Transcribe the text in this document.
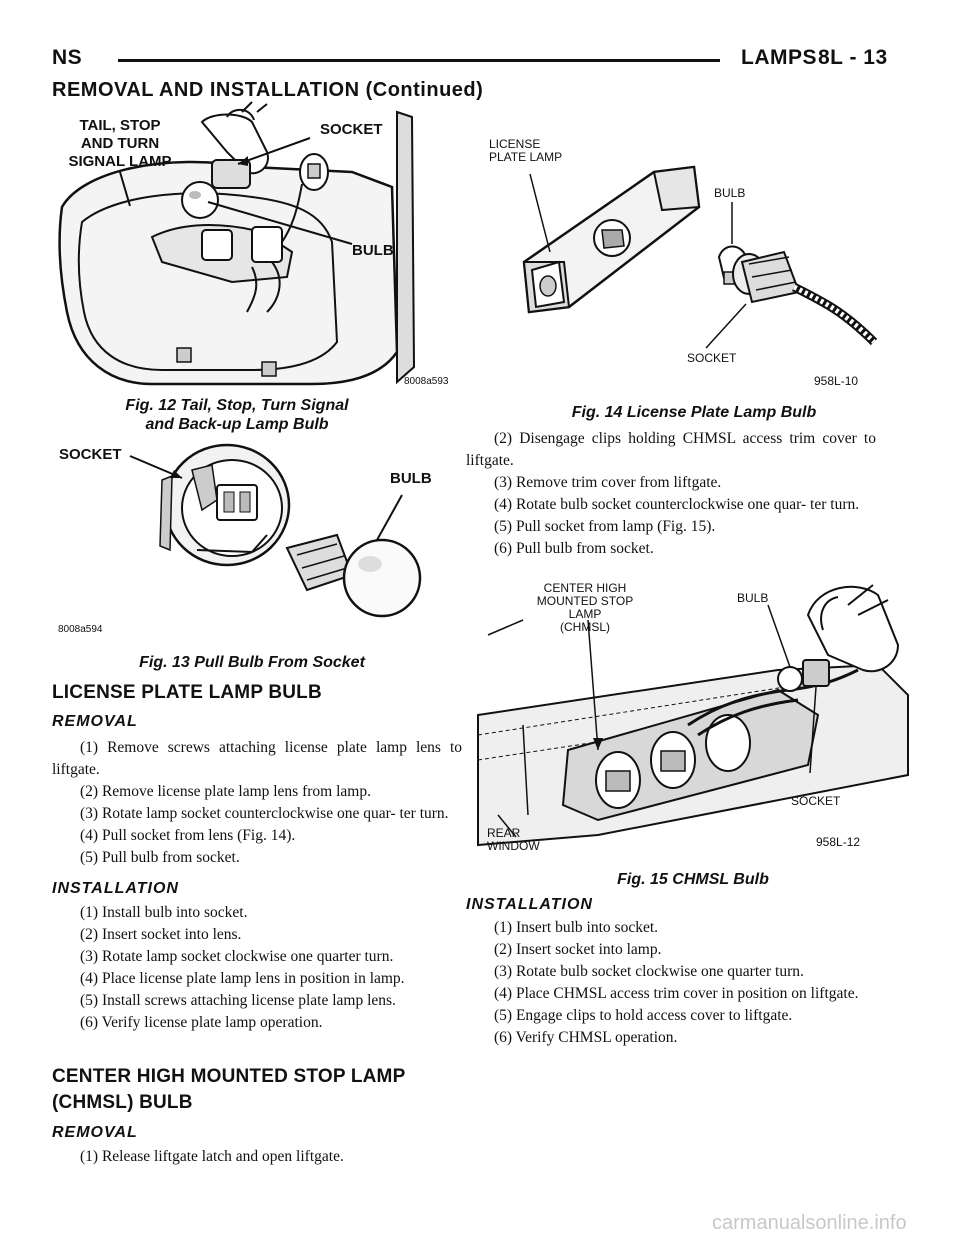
NS	LAMPS 8L - 13
REMOVAL AND INSTALLATION (Continued)
TAIL, STOP
AND TURN
SIGNAL LAMP
SOCKET
BULB
8008a593
Fig. 12 Tail, Stop, Turn Signal
and Back-up Lamp Bulb
SOCKET
BULB
8008a594
Fig. 13 Pull Bulb From Socket
LICENSE PLATE LAMP BULB
REMOVAL

(1) Remove screws attaching license plate lamp lens to liftgate.

(2) Remove license plate lamp lens from lamp.

(3) Rotate lamp socket counterclockwise one quar- ter turn.

(4) Pull socket from lens (Fig. 14).

(5) Pull bulb from socket.

INSTALLATION

(1) Install bulb into socket.

(2) Insert socket into lens.

(3) Rotate lamp socket clockwise one quarter turn.

(4) Place license plate lamp lens in position in lamp.

(5) Install screws attaching license plate lamp lens.

(6) Verify license plate lamp operation.

CENTER HIGH MOUNTED STOP LAMP
(CHMSL) BULB
REMOVAL

(1) Release liftgate latch and open liftgate.

LICENSE
PLATE LAMP
BULB
SOCKET
958L-10
Fig. 14 License Plate Lamp Bulb

(2) Disengage clips holding CHMSL access trim cover to liftgate.

(3) Remove trim cover from liftgate.

(4) Rotate bulb socket counterclockwise one quar- ter turn.

(5) Pull socket from lamp (Fig. 15).

(6) Pull bulb from socket.

CENTER HIGH
MOUNTED STOP LAMP
(CHMSL)
BULB
SOCKET
REAR
WINDOW	958L-12
Fig. 15 CHMSL Bulb
INSTALLATION

(1) Insert bulb into socket.

(2) Insert socket into lamp.

(3) Rotate bulb socket clockwise one quarter turn.

(4) Place CHMSL access trim cover in position on liftgate.

(5) Engage clips to hold access cover to liftgate.

(6) Verify CHMSL operation.

carmanualsonline.info
